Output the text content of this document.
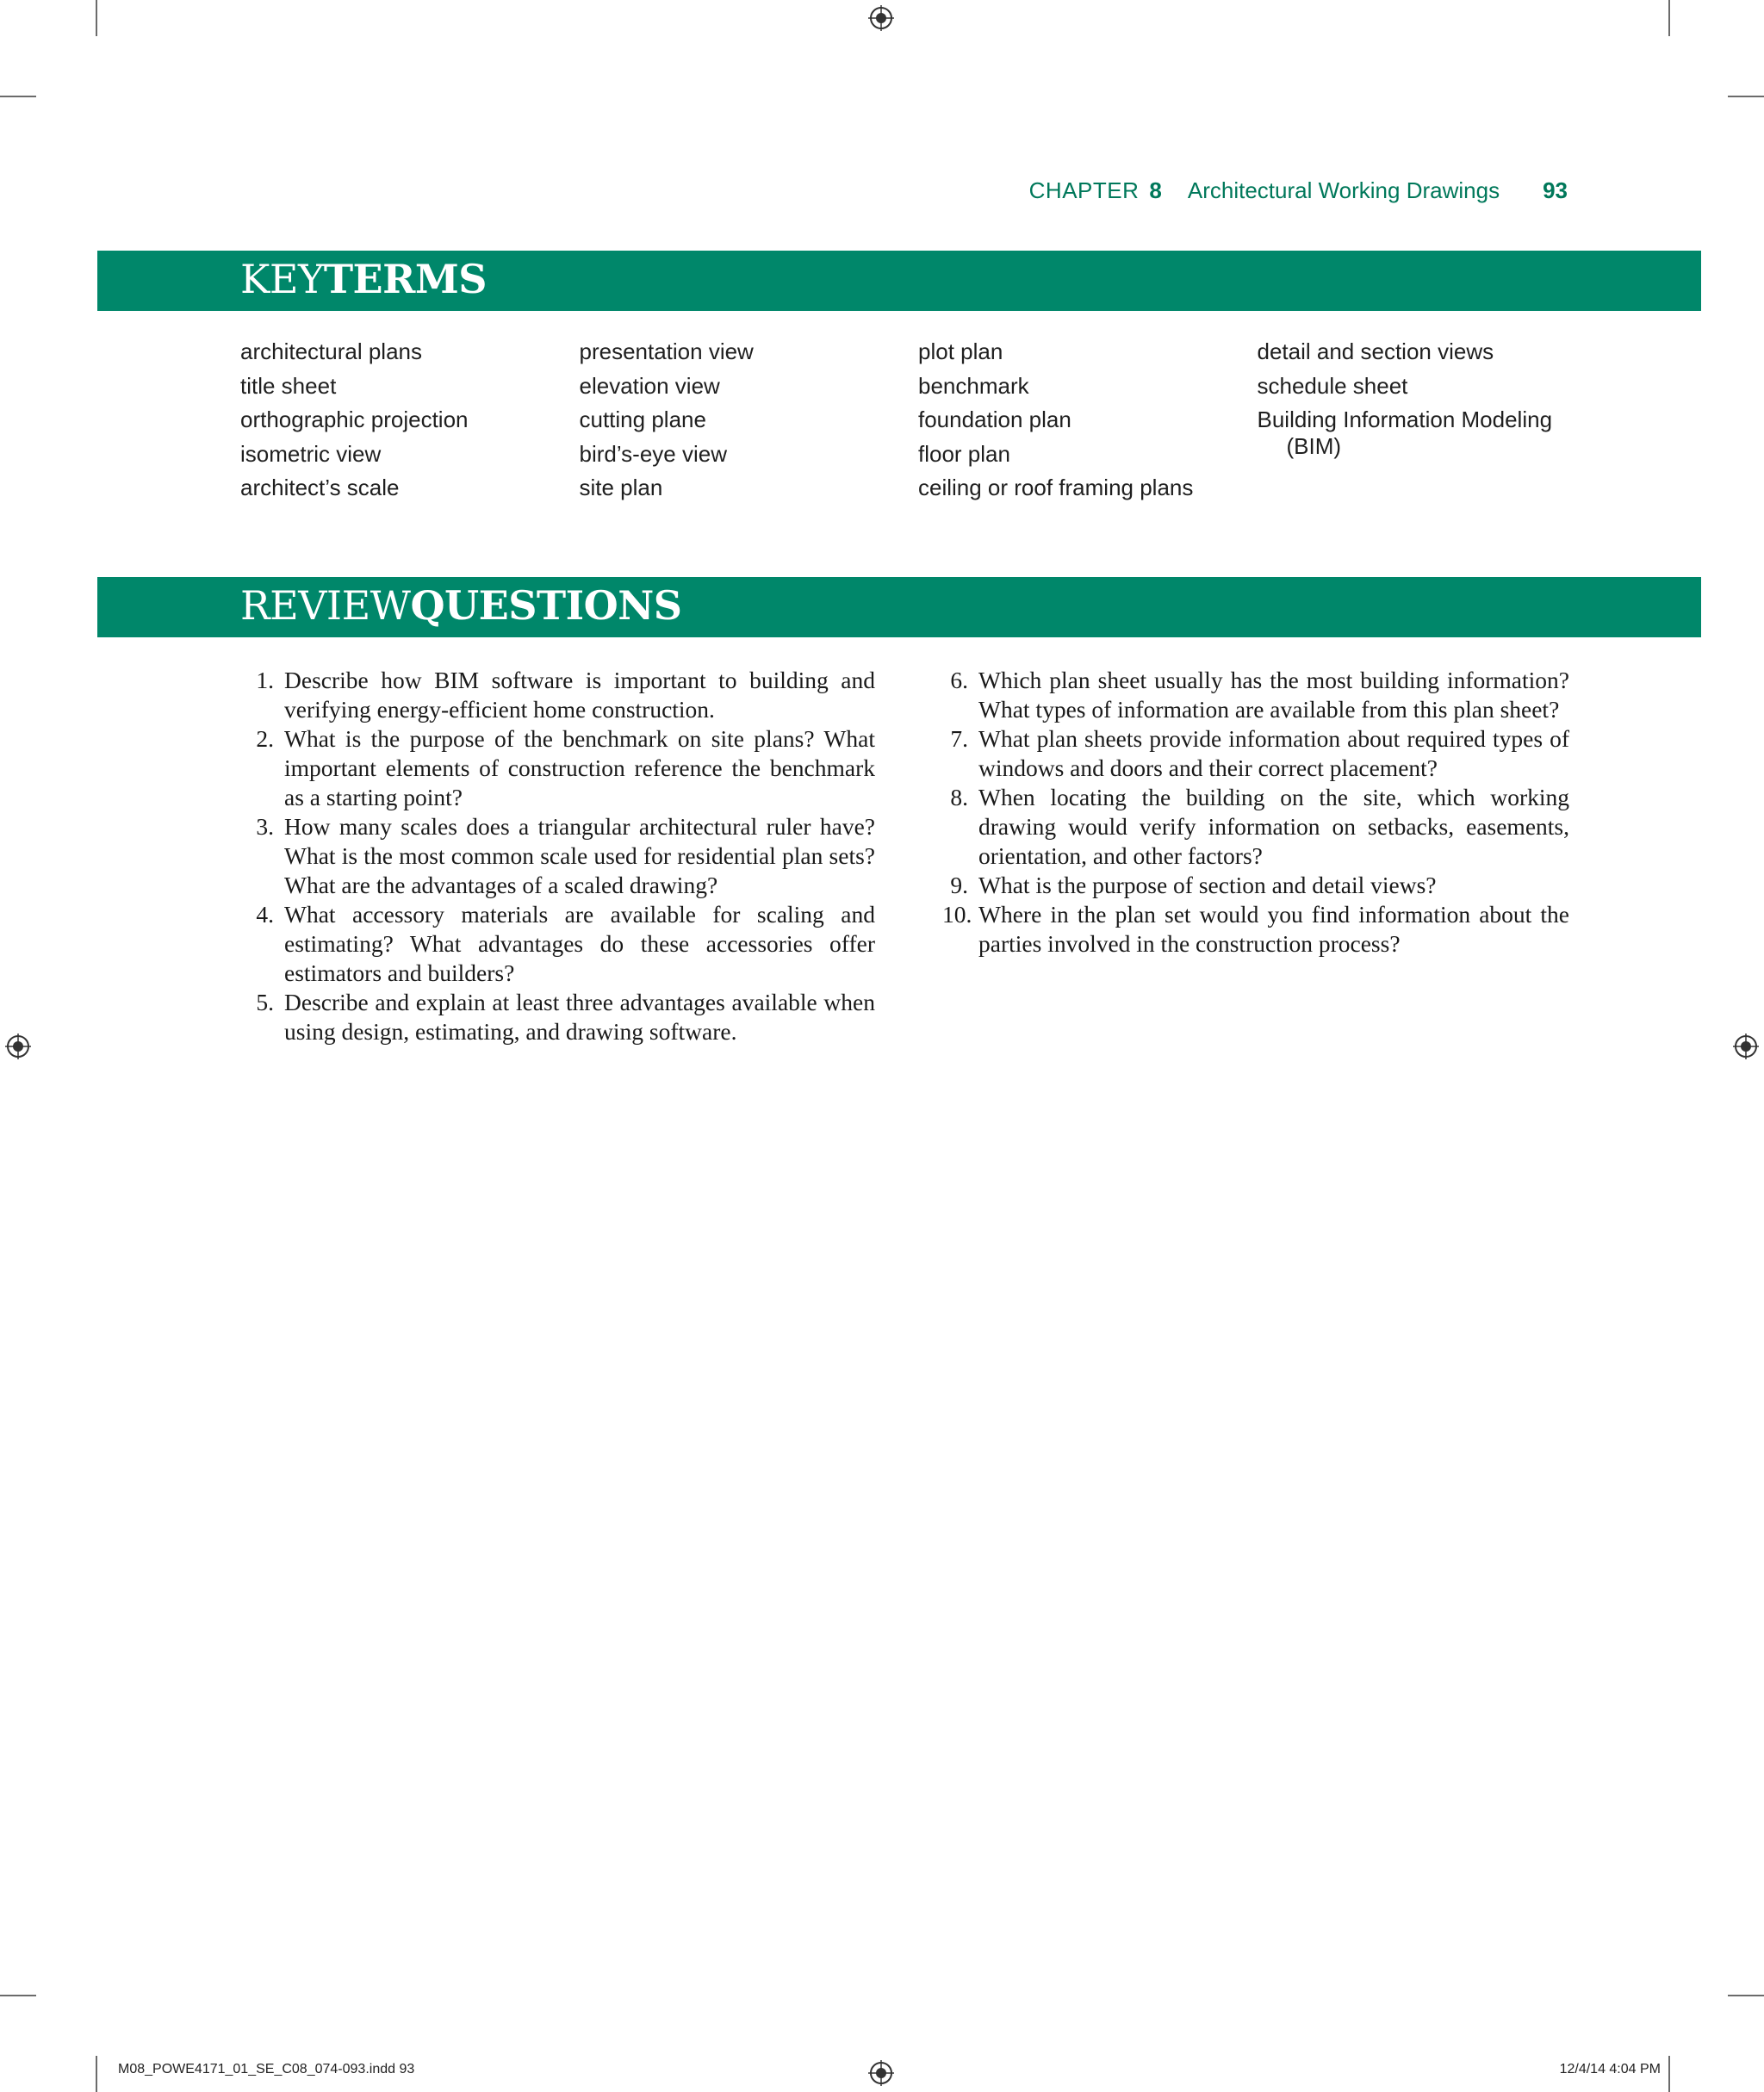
CHAPTER 8 Architectural Working Drawings 93
KEYTERMS
architectural plans
title sheet
orthographic projection
isometric view
architect’s scale
presentation view
elevation view
cutting plane
bird’s-eye view
site plan
plot plan
benchmark
foundation plan
floor plan
ceiling or roof framing plans
detail and section views
schedule sheet
Building Information Modeling (BIM)
REVIEWQUESTIONS
1. Describe how BIM software is important to building and verifying energy-efficient home construction.
2. What is the purpose of the benchmark on site plans? What important elements of construction reference the benchmark as a starting point?
3. How many scales does a triangular architectural ruler have? What is the most common scale used for residential plan sets? What are the advantages of a scaled drawing?
4. What accessory materials are available for scaling and estimating? What advantages do these accessories offer estimators and builders?
5. Describe and explain at least three advantages available when using design, estimating, and drawing software.
6. Which plan sheet usually has the most building information? What types of information are available from this plan sheet?
7. What plan sheets provide information about required types of windows and doors and their correct placement?
8. When locating the building on the site, which working drawing would verify information on setbacks, easements, orientation, and other factors?
9. What is the purpose of section and detail views?
10. Where in the plan set would you find information about the parties involved in the construction process?
M08_POWE4171_01_SE_C08_074-093.indd 93	12/4/14 4:04 PM
